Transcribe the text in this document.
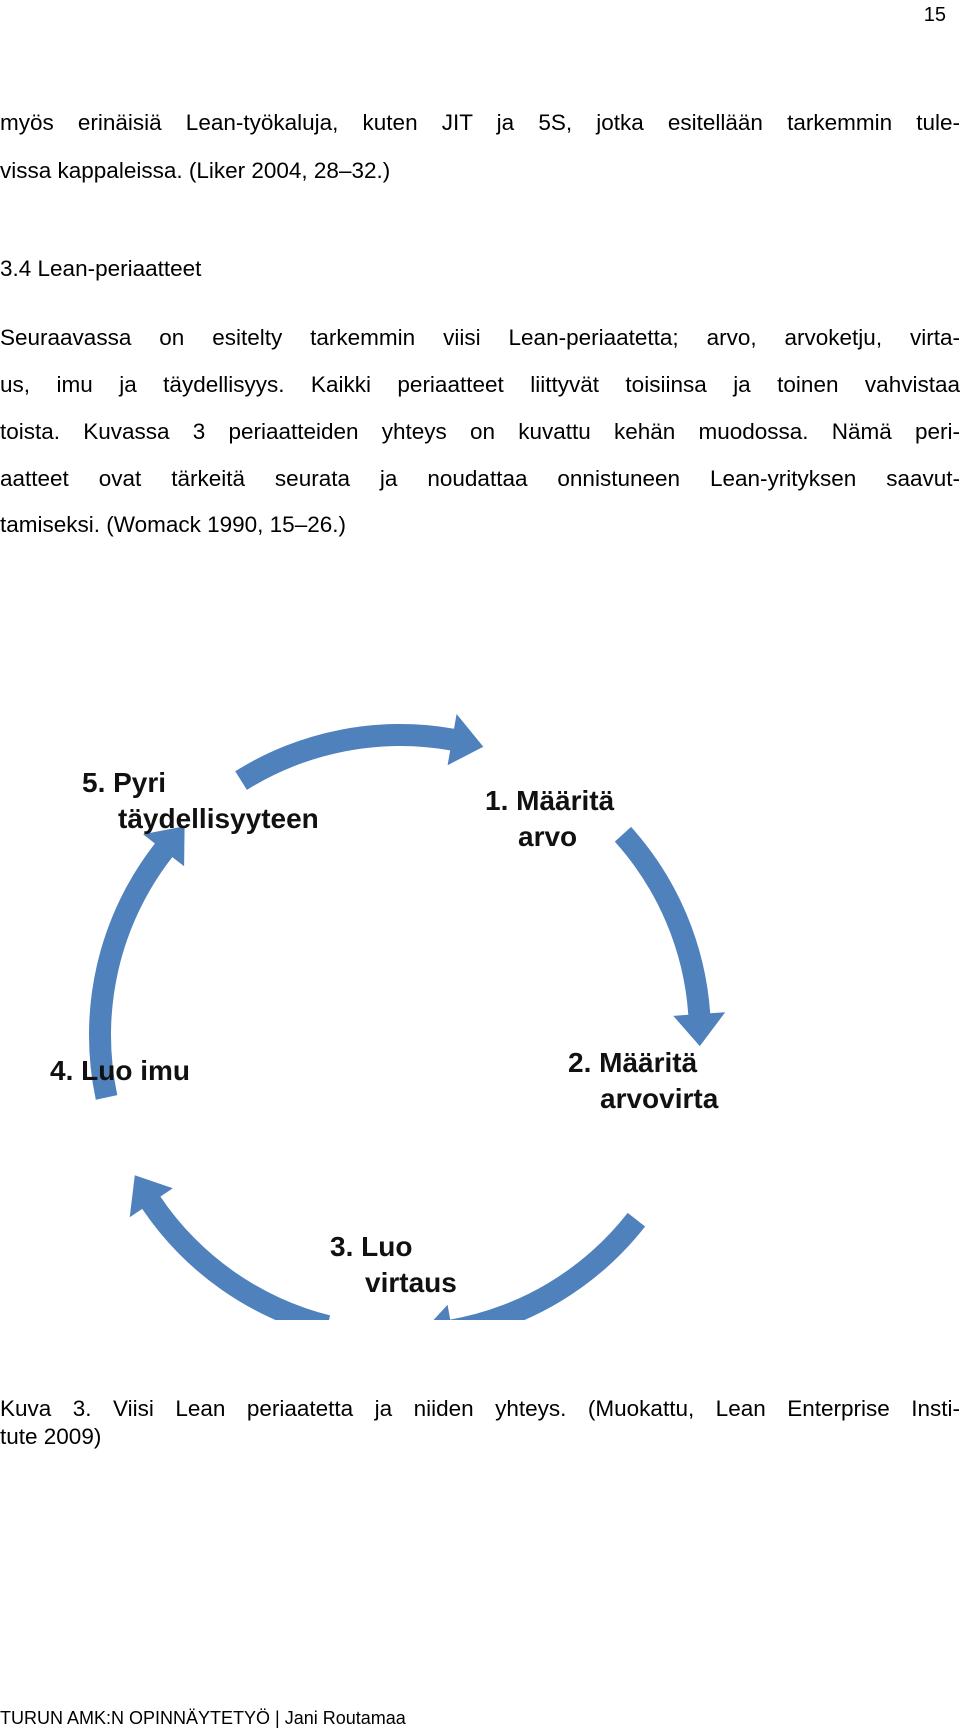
15
myös erinäisiä Lean-työkaluja, kuten JIT ja 5S, jotka esitellään tarkemmin tule-
vissa kappaleissa. (Liker 2004, 28–32.)
3.4 Lean-periaatteet
Seuraavassa on esitelty tarkemmin viisi Lean-periaatetta; arvo, arvoketju, virta-
us, imu ja täydellisyys. Kaikki periaatteet liittyvät toisiinsa ja toinen vahvistaa
toista. Kuvassa 3 periaatteiden yhteys on kuvattu kehän muodossa. Nämä peri-
aatteet ovat tärkeitä seurata ja noudattaa onnistuneen Lean-yrityksen saavut-
tamiseksi. (Womack 1990, 15–26.)
1. Määritä
arvo
2. Määritä
arvovirta
3. Luo
virtaus
4. Luo imu
5. Pyri
täydellisyyteen
Kuva 3. Viisi Lean periaatetta ja niiden yhteys. (Muokattu, Lean Enterprise Insti-
tute 2009)
TURUN AMK:N OPINNÄYTETYÖ | Jani Routamaa
